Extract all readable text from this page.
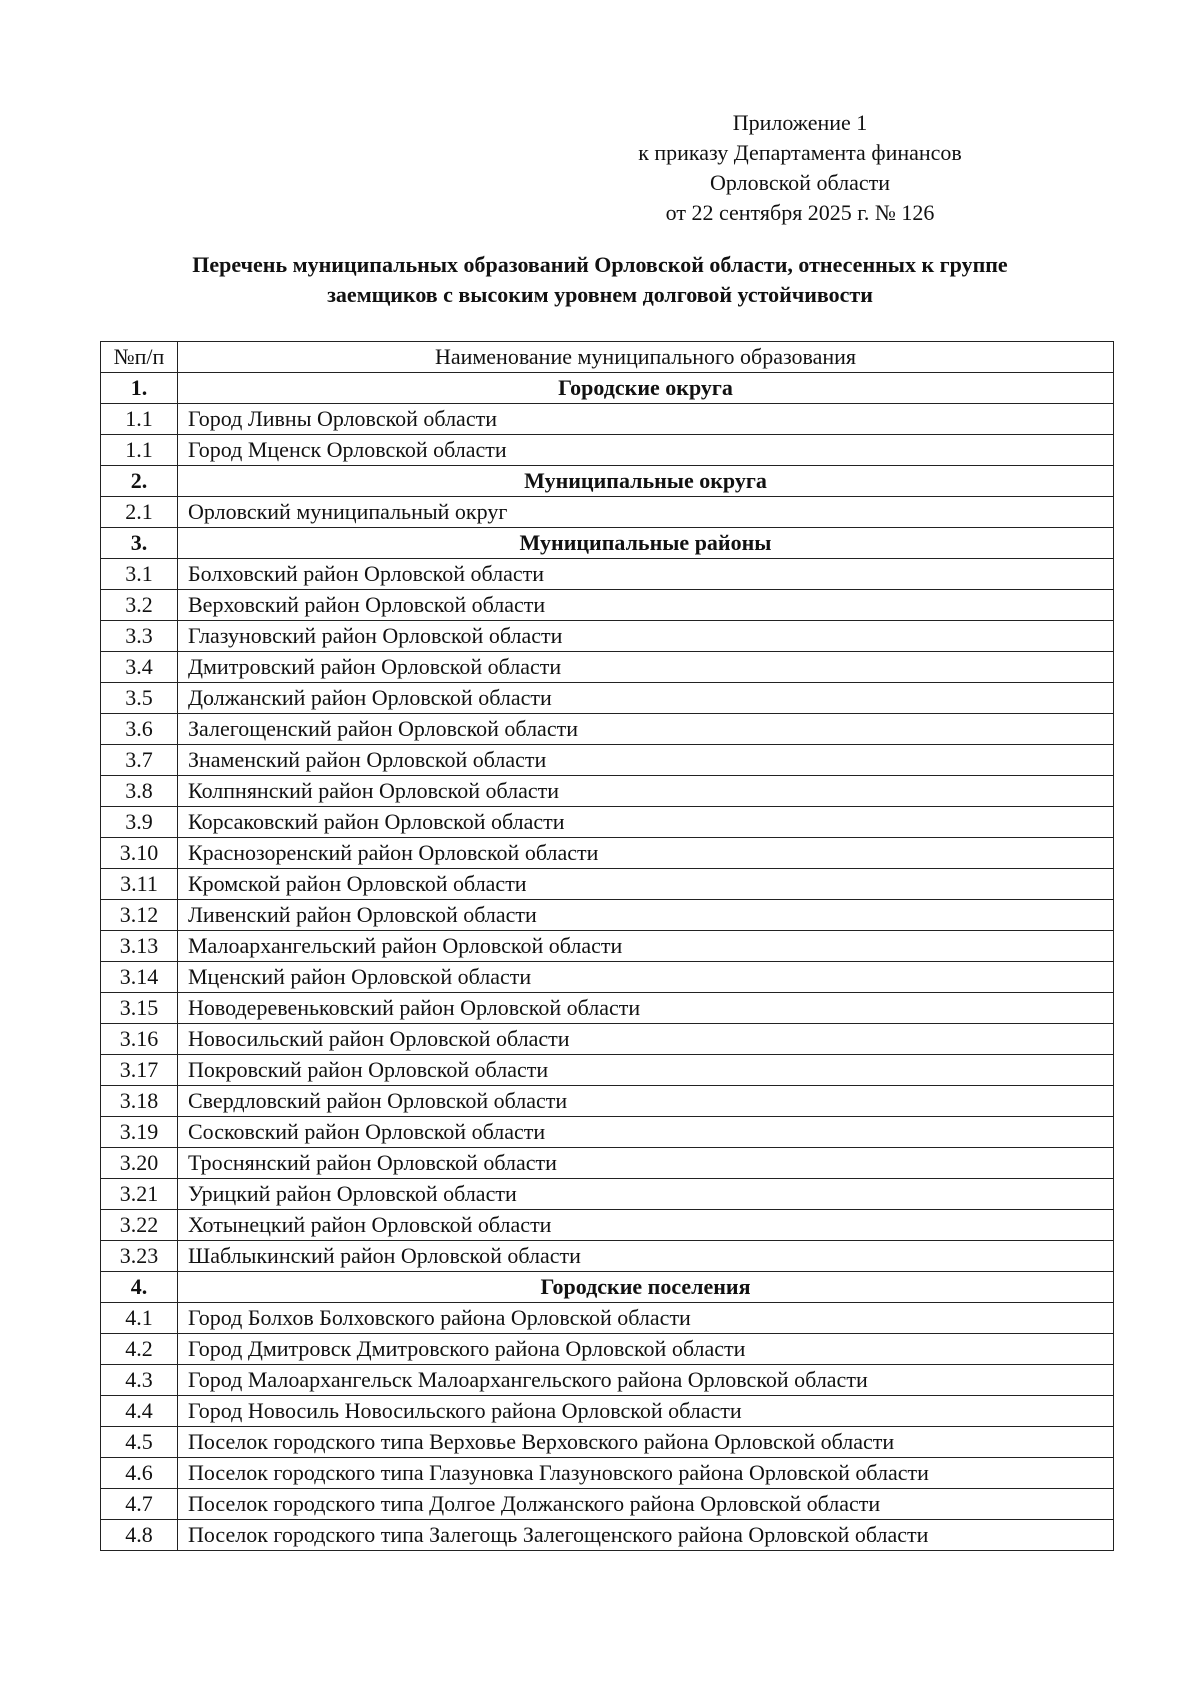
Приложение 1
к приказу Департамента финансов
Орловской области
от 22 сентября 2025 г. № 126
Перечень муниципальных образований Орловской области, отнесенных к группе
заемщиков с высоким уровнем долговой устойчивости
№п/п	Наименование муниципального образования
1.	Городские округа
1.1	Город Ливны Орловской области
1.1	Город Мценск Орловской области
2.	Муниципальные округа
2.1	Орловский муниципальный округ
3.	Муниципальные районы
3.1	Болховский район Орловской области
3.2	Верховский район Орловской области
3.3	Глазуновский район Орловской области
3.4	Дмитровский район Орловской области
3.5	Должанский район Орловской области
3.6	Залегощенский район Орловской области
3.7	Знаменский район Орловской области
3.8	Колпнянский район Орловской области
3.9	Корсаковский район Орловской области
3.10	Краснозоренский район Орловской области
3.11	Кромской район Орловской области
3.12	Ливенский район Орловской области
3.13	Малоархангельский район Орловской области
3.14	Мценский район Орловской области
3.15	Новодеревеньковский район Орловской области
3.16	Новосильский район Орловской области
3.17	Покровский район Орловской области
3.18	Свердловский район Орловской области
3.19	Сосковский район Орловской области
3.20	Троснянский район Орловской области
3.21	Урицкий район Орловской области
3.22	Хотынецкий район Орловской области
3.23	Шаблыкинский район Орловской области
4.	Городские поселения
4.1	Город Болхов Болховского района Орловской области
4.2	Город Дмитровск Дмитровского района Орловской области
4.3	Город Малоархангельск Малоархангельского района Орловской области
4.4	Город Новосиль Новосильского района Орловской области
4.5	Поселок городского типа Верховье Верховского района Орловской области
4.6	Поселок городского типа Глазуновка Глазуновского района Орловской области
4.7	Поселок городского типа Долгое Должанского района Орловской области
4.8	Поселок городского типа Залегощь Залегощенского района Орловской области
